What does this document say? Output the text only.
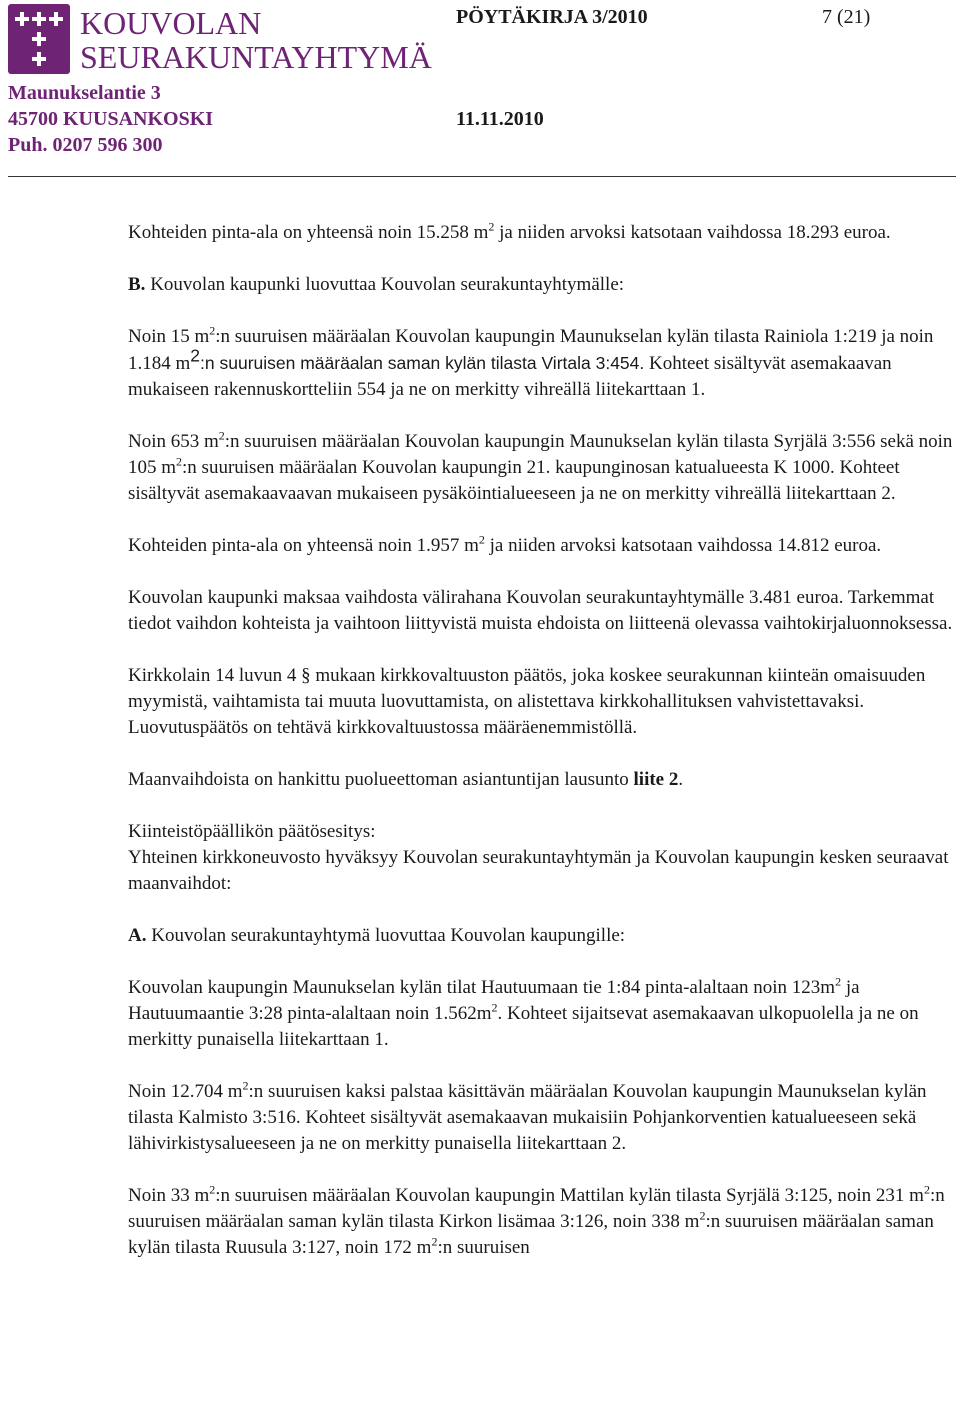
KOUVOLAN
SEURAKUNTAYHTYMÄ
PÖYTÄKIRJA 3/2010	7 (21)
Maunukselantie 3
45700 KUUSANKOSKI
Puh. 0207 596 300
11.11.2010

Kohteiden pinta-ala on yhteensä noin 15.258 $m^2$ ja niiden arvoksi katsotaan vaihdossa 18.293 euroa.

B. Kouvolan kaupunki luovuttaa Kouvolan seurakuntayhtymälle:

Noin 15 $m^2:n$ suuruisen määräalan Kouvolan kaupungin Maunukselan kylän tilasta Rainiola 1:219 ja noin 1.184 $m^2:n$ suuruisen määräalan saman kylän tilasta Virtala 3:454. Kohteet sisältyvät asemakaavan mukaiseen rakennuskortteliin 554 ja ne on merkitty vihreällä liitekarttaan 1.

Noin 653 $m^2:n$ suuruisen määräalan Kouvolan kaupungin Maunukselan kylän tilasta Syrjälä 3:556 sekä noin 105 $m^2:n$ suuruisen määräalan Kouvolan kaupungin 21. kaupunginosan katualueesta K 1000. Kohteet sisältyvät asemakaavaavan mukaiseen pysäköintialueeseen ja ne on merkitty vihreällä liitekarttaan 2.

Kohteiden pinta-ala on yhteensä noin 1.957 $m^2$ ja niiden arvoksi katsotaan vaihdossa 14.812 euroa.

Kouvolan kaupunki maksaa vaihdosta välirahana Kouvolan seurakuntayhtymälle 3.481 euroa. Tarkemmat tiedot vaihdon kohteista ja vaihtoon liittyvistä muista ehdoista on liitteenä olevassa vaihtokirjaluonnoksessa.

Kirkkolain 14 luvun 4 § mukaan kirkkovaltuuston päätös, joka koskee seurakunnan kiinteän omaisuuden myymistä, vaihtamista tai muuta luovuttamista, on alistettava kirkkohallituksen vahvistettavaksi. Luovutuspäätös on tehtävä kirkkovaltuustossa määräenemmistöllä.

Maanvaihdoista on hankittu puolueettoman asiantuntijan lausunto liite 2.

Kiinteistöpäällikön päätösesitys:

Yhteinen kirkkoneuvosto hyväksyy Kouvolan seurakuntayhtymän ja Kouvolan kaupungin kesken seuraavat maanvaihdot:

A. Kouvolan seurakuntayhtymä luovuttaa Kouvolan kaupungille:

Kouvolan kaupungin Maunukselan kylän tilat Hautuumaan tie 1:84 pinta-alaltaan noin $123m^2$ ja Hautuumaantie 3:28 pinta-alaltaan noin $1.562m^2$. Kohteet sijaitsevat asemakaavan ulkopuolella ja ne on merkitty punaisella liitekarttaan 1.

Noin 12.704 $m^2:n$ suuruisen kaksi palstaa käsittävän määräalan Kouvolan kaupungin Maunukselan kylän tilasta Kalmisto 3:516. Kohteet sisältyvät asemakaavan mukaisiin Pohjankorventien katualueeseen sekä lähivirkistysalueeseen ja ne on merkitty punaisella liitekarttaan 2.

Noin 33 $m^2:n$ suuruisen määräalan Kouvolan kaupungin Mattilan kylän tilasta Syrjälä 3:125, noin 231 $m^2:n$ suuruisen määräalan saman kylän tilasta Kirkon lisämaa 3:126, noin 338 $m^2:n$ suuruisen määräalan saman kylän tilasta Ruusula 3:127, noin 172 $m^2:n$ suuruisen
